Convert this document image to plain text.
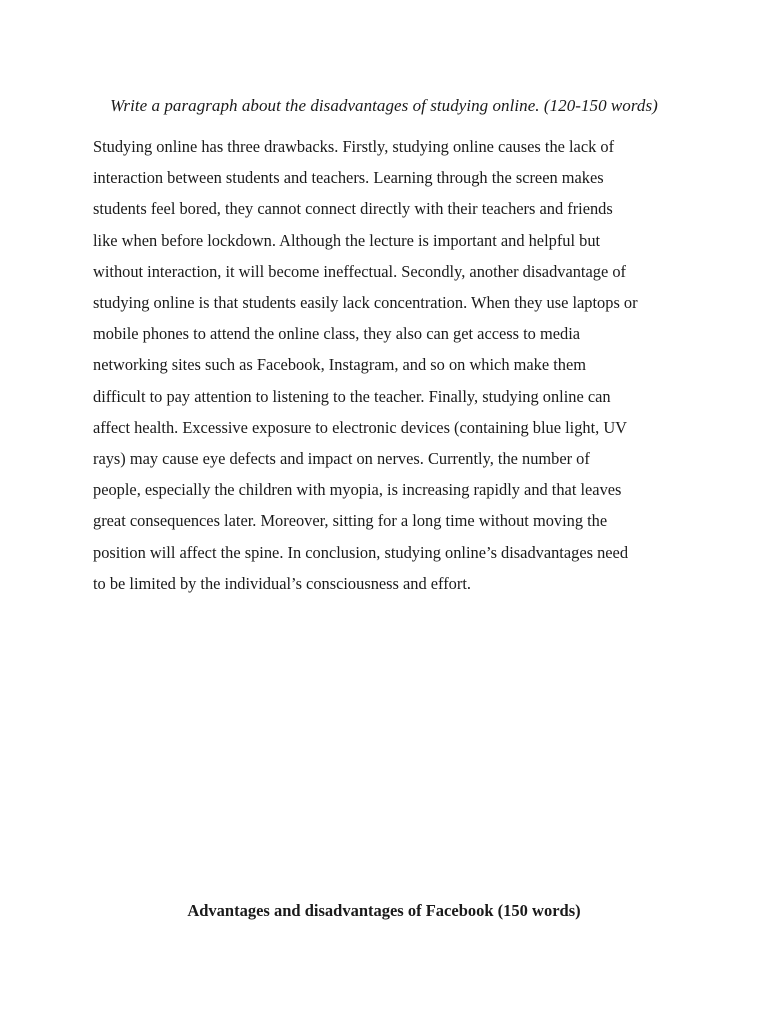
Write a paragraph about the disadvantages of studying online. (120-150 words)

Studying online has three drawbacks. Firstly, studying online causes the lack of
interaction between students and teachers. Learning through the screen makes
students feel bored, they cannot connect directly with their teachers and friends
like when before lockdown. Although the lecture is important and helpful but
without interaction, it will become ineffectual. Secondly, another disadvantage of
studying online is that students easily lack concentration. When they use laptops or
mobile phones to attend the online class, they also can get access to media
networking sites such as Facebook, Instagram, and so on which make them
difficult to pay attention to listening to the teacher. Finally, studying online can
affect health. Excessive exposure to electronic devices (containing blue light, UV
rays) may cause eye defects and impact on nerves. Currently, the number of
people, especially the children with myopia, is increasing rapidly and that leaves
great consequences later. Moreover, sitting for a long time without moving the
position will affect the spine. In conclusion, studying online’s disadvantages need
to be limited by the individual’s consciousness and effort.

Advantages and disadvantages of Facebook (150 words)
